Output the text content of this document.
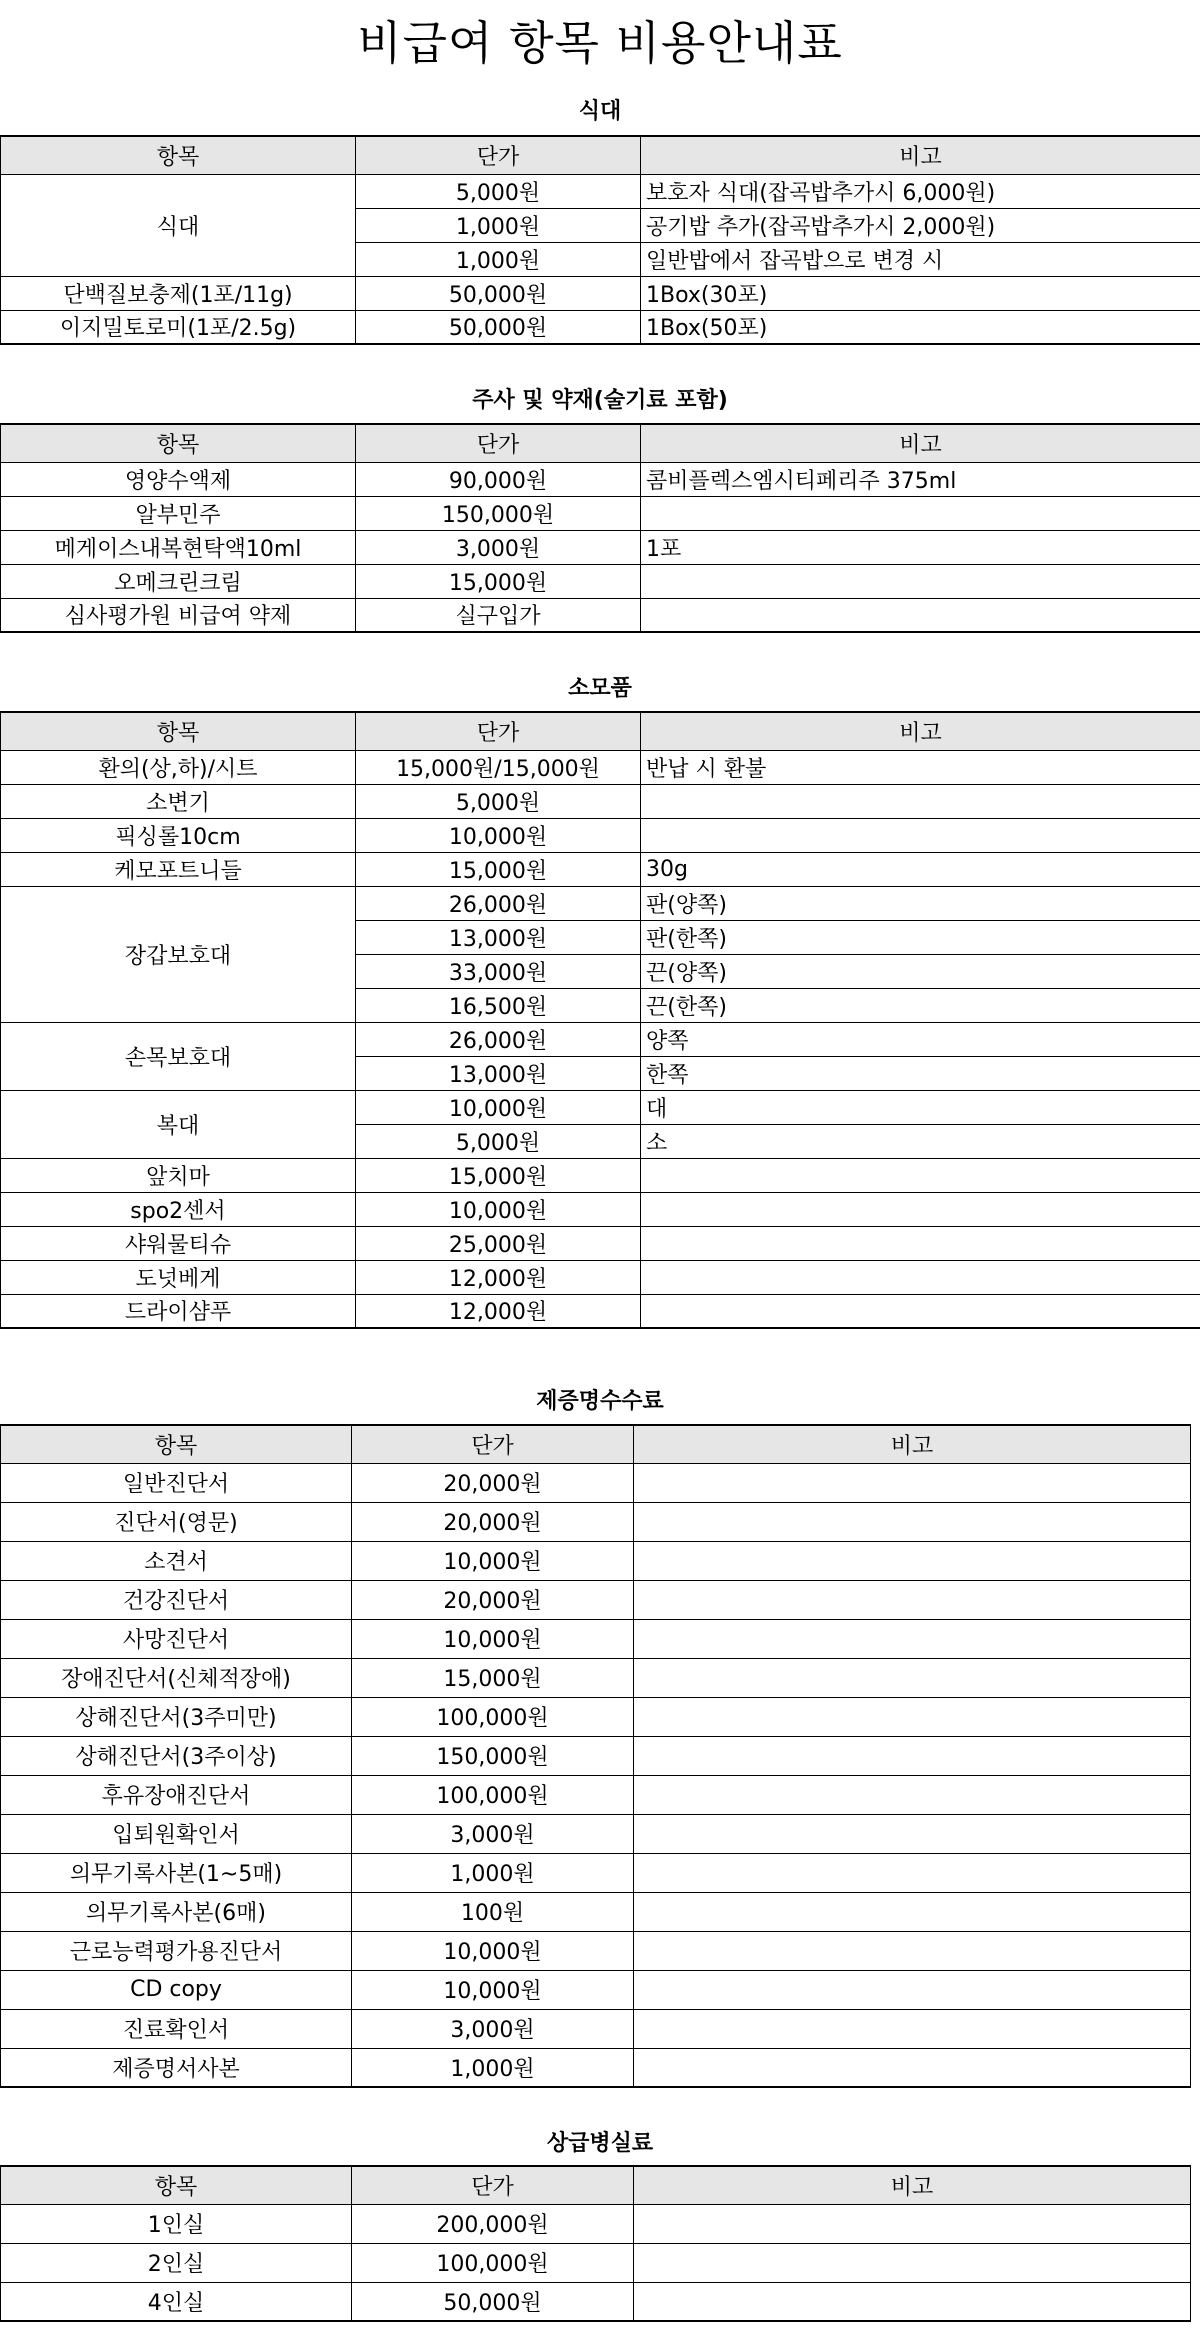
비급여 항목 비용안내표
식대
항목	단가	비고
식대	5,000원	보호자 식대(잡곡밥추가시 6,000원)
	1,000원	공기밥 추가(잡곡밥추가시 2,000원)
	1,000원	일반밥에서 잡곡밥으로 변경 시
단백질보충제(1포/11g)	50,000원	1Box(30포)
이지밀토로미(1포/2.5g)	50,000원	1Box(50포)
주사 및 약재(술기료 포함)
항목	단가	비고
영양수액제	90,000원	콤비플렉스엠시티페리주 375ml
알부민주	150,000원	
메게이스내복현탁액10ml	3,000원	1포
오메크린크림	15,000원	
심사평가원 비급여 약제	실구입가	
소모품
항목	단가	비고
환의(상,하)/시트	15,000원/15,000원	반납 시 환불
소변기	5,000원	
픽싱롤10cm	10,000원	
케모포트니들	15,000원	30g
장갑보호대	26,000원	판(양쪽)
	13,000원	판(한쪽)
	33,000원	끈(양쪽)
	16,500원	끈(한쪽)
손목보호대	26,000원	양쪽
	13,000원	한쪽
복대	10,000원	대
	5,000원	소
앞치마	15,000원	
spo2센서	10,000원	
샤워물티슈	25,000원	
도넛베게	12,000원	
드라이샴푸	12,000원	
제증명수수료
항목	단가	비고
일반진단서	20,000원	
진단서(영문)	20,000원	
소견서	10,000원	
건강진단서	20,000원	
사망진단서	10,000원	
장애진단서(신체적장애)	15,000원	
상해진단서(3주미만)	100,000원	
상해진단서(3주이상)	150,000원	
후유장애진단서	100,000원	
입퇴원확인서	3,000원	
의무기록사본(1~5매)	1,000원	
의무기록사본(6매)	100원	
근로능력평가용진단서	10,000원	
CD copy	10,000원	
진료확인서	3,000원	
제증명서사본	1,000원	
상급병실료
항목	단가	비고
1인실	200,000원	
2인실	100,000원	
4인실	50,000원	
